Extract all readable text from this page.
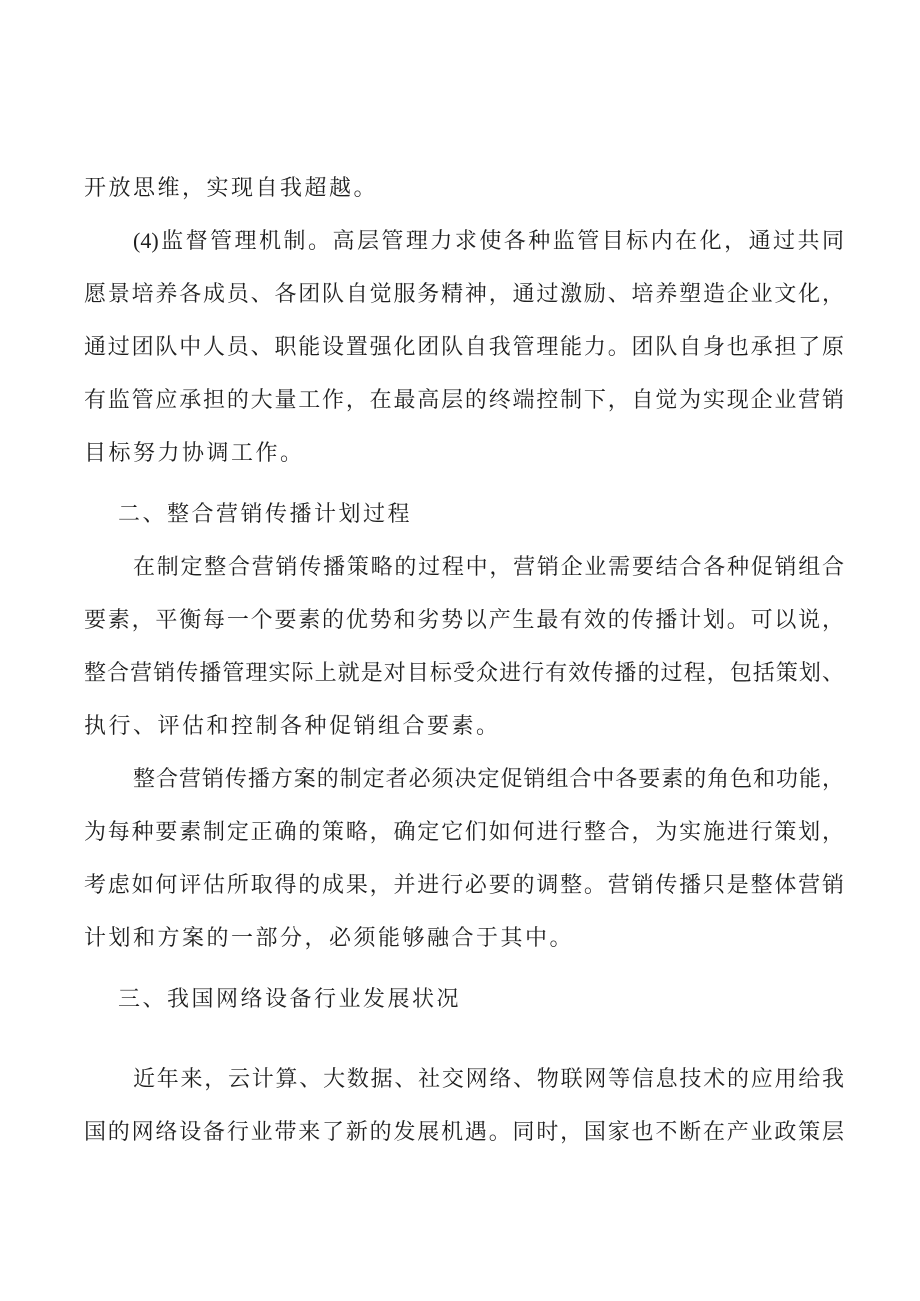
开放思维，实现自我超越。
(4)监督管理机制。高层管理力求使各种监管目标内在化，通过共同
愿景培养各成员、各团队自觉服务精神，通过激励、培养塑造企业文化，
通过团队中人员、职能设置强化团队自我管理能力。团队自身也承担了原
有监管应承担的大量工作，在最高层的终端控制下，自觉为实现企业营销
目标努力协调工作。
二、整合营销传播计划过程
在制定整合营销传播策略的过程中，营销企业需要结合各种促销组合
要素，平衡每一个要素的优势和劣势以产生最有效的传播计划。可以说，
整合营销传播管理实际上就是对目标受众进行有效传播的过程，包括策划、
执行、评估和控制各种促销组合要素。
整合营销传播方案的制定者必须决定促销组合中各要素的角色和功能，
为每种要素制定正确的策略，确定它们如何进行整合，为实施进行策划，
考虑如何评估所取得的成果，并进行必要的调整。营销传播只是整体营销
计划和方案的一部分，必须能够融合于其中。
三、我国网络设备行业发展状况
近年来，云计算、大数据、社交网络、物联网等信息技术的应用给我
国的网络设备行业带来了新的发展机遇。同时，国家也不断在产业政策层
